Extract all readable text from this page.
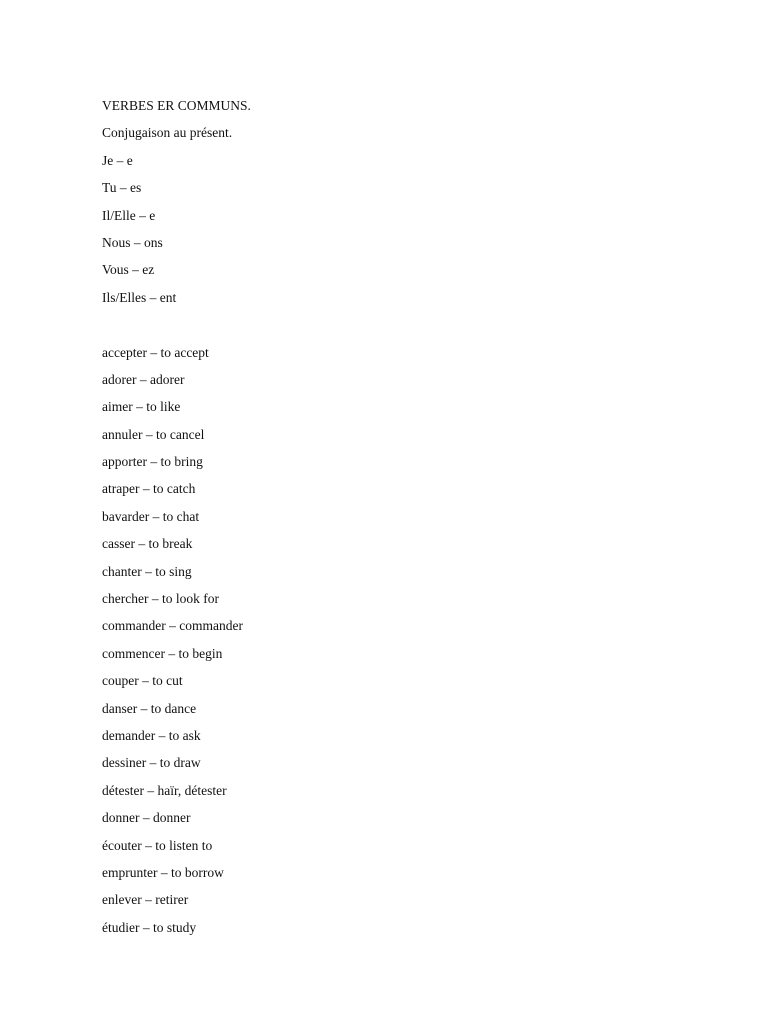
VERBES ER COMMUNS.
Conjugaison au présent.
Je – e
Tu – es
Il/Elle – e
Nous – ons
Vous – ez
Ils/Elles – ent
accepter – to accept
adorer – adorer
aimer – to like
annuler – to cancel
apporter – to bring
atraper – to catch
bavarder – to chat
casser – to break
chanter – to sing
chercher – to look for
commander – commander
commencer – to begin
couper – to cut
danser – to dance
demander – to ask
dessiner – to draw
détester – haïr, détester
donner – donner
écouter – to listen to
emprunter – to borrow
enlever – retirer
étudier – to study
